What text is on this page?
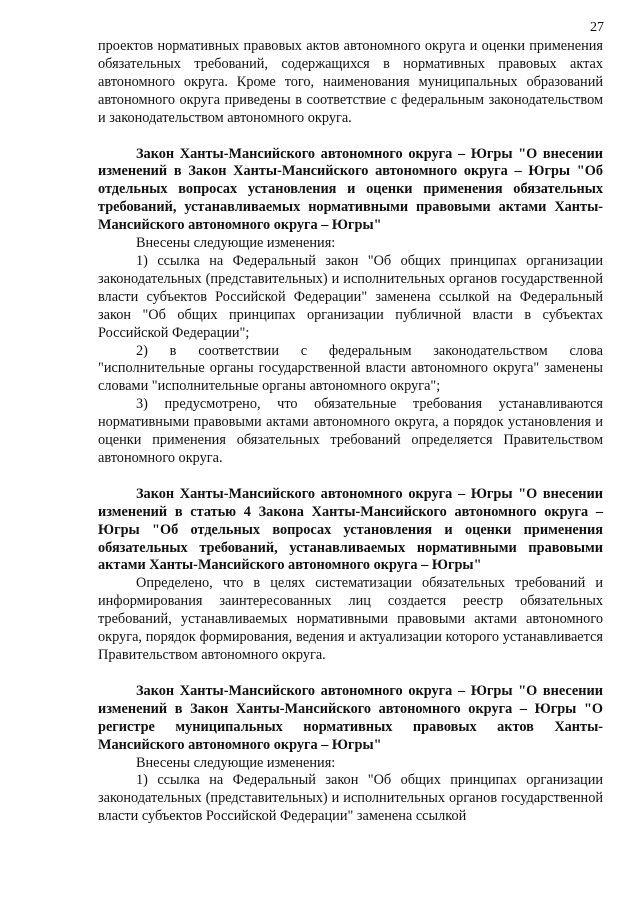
27

проектов нормативных правовых актов автономного округа и оценки применения обязательных требований, содержащихся в нормативных правовых актах автономного округа. Кроме того, наименования муниципальных образований автономного округа приведены в соответствие с федеральным законодательством и законодательством автономного округа.

Закон Ханты-Мансийского автономного округа – Югры "О внесении изменений в Закон Ханты-Мансийского автономного округа – Югры "Об отдельных вопросах установления и оценки применения обязательных требований, устанавливаемых нормативными правовыми актами Ханты-Мансийского автономного округа – Югры"

Внесены следующие изменения:

1) ссылка на Федеральный закон "Об общих принципах организации законодательных (представительных) и исполнительных органов государственной власти субъектов Российской Федерации" заменена ссылкой на Федеральный закон "Об общих принципах организации публичной власти в субъектах Российской Федерации";

2) в соответствии с федеральным законодательством слова "исполнительные органы государственной власти автономного округа" заменены словами "исполнительные органы автономного округа";

3) предусмотрено, что обязательные требования устанавливаются нормативными правовыми актами автономного округа, а порядок установления и оценки применения обязательных требований определяется Правительством автономного округа.

Закон Ханты-Мансийского автономного округа – Югры "О внесении изменений в статью 4 Закона Ханты-Мансийского автономного округа – Югры "Об отдельных вопросах установления и оценки применения обязательных требований, устанавливаемых нормативными правовыми актами Ханты-Мансийского автономного округа – Югры"

Определено, что в целях систематизации обязательных требований и информирования заинтересованных лиц создается реестр обязательных требований, устанавливаемых нормативными правовыми актами автономного округа, порядок формирования, ведения и актуализации которого устанавливается Правительством автономного округа.

Закон Ханты-Мансийского автономного округа – Югры "О внесении изменений в Закон Ханты-Мансийского автономного округа – Югры "О регистре муниципальных нормативных правовых актов Ханты-Мансийского автономного округа – Югры"

Внесены следующие изменения:

1) ссылка на Федеральный закон "Об общих принципах организации законодательных (представительных) и исполнительных органов государственной власти субъектов Российской Федерации" заменена ссылкой
